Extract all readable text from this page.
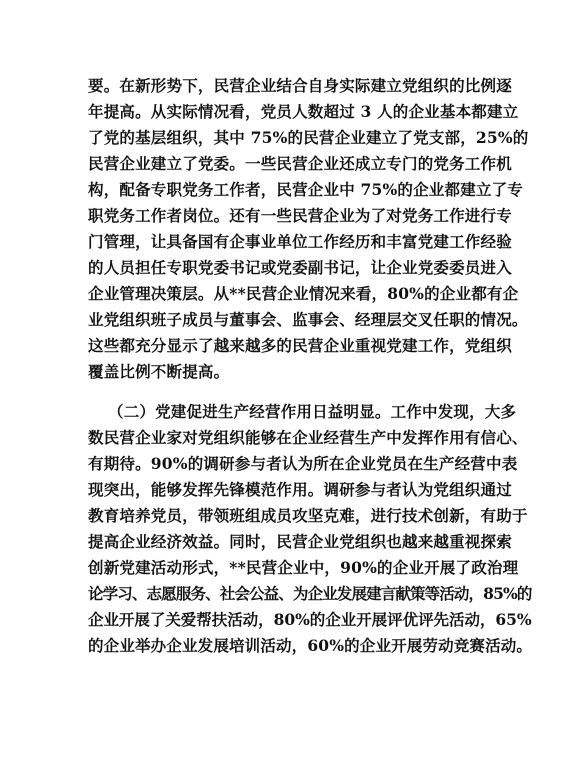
要。在新形势下，民营企业结合自身实际建立党组织的比例逐
年提高。从实际情况看，党员人数超过 3 人的企业基本都建立
了党的基层组织，其中 75%的民营企业建立了党支部，25%的
民营企业建立了党委。一些民营企业还成立专门的党务工作机
构，配备专职党务工作者，民营企业中 75%的企业都建立了专
职党务工作者岗位。还有一些民营企业为了对党务工作进行专
门管理，让具备国有企事业单位工作经历和丰富党建工作经验
的人员担任专职党委书记或党委副书记，让企业党委委员进入
企业管理决策层。从**民营企业情况来看，80%的企业都有企
业党组织班子成员与董事会、监事会、经理层交叉任职的情况。
这些都充分显示了越来越多的民营企业重视党建工作，党组织
覆盖比例不断提高。
（二）党建促进生产经营作用日益明显。工作中发现，大多
数民营企业家对党组织能够在企业经营生产中发挥作用有信心、
有期待。90%的调研参与者认为所在企业党员在生产经营中表
现突出，能够发挥先锋模范作用。调研参与者认为党组织通过
教育培养党员，带领班组成员攻坚克难，进行技术创新，有助于
提高企业经济效益。同时，民营企业党组织也越来越重视探索
创新党建活动形式，**民营企业中，90%的企业开展了政治理
论学习、志愿服务、社会公益、为企业发展建言献策等活动，85%的
企业开展了关爱帮扶活动，80%的企业开展评优评先活动，65%
的企业举办企业发展培训活动，60%的企业开展劳动竞赛活动。
